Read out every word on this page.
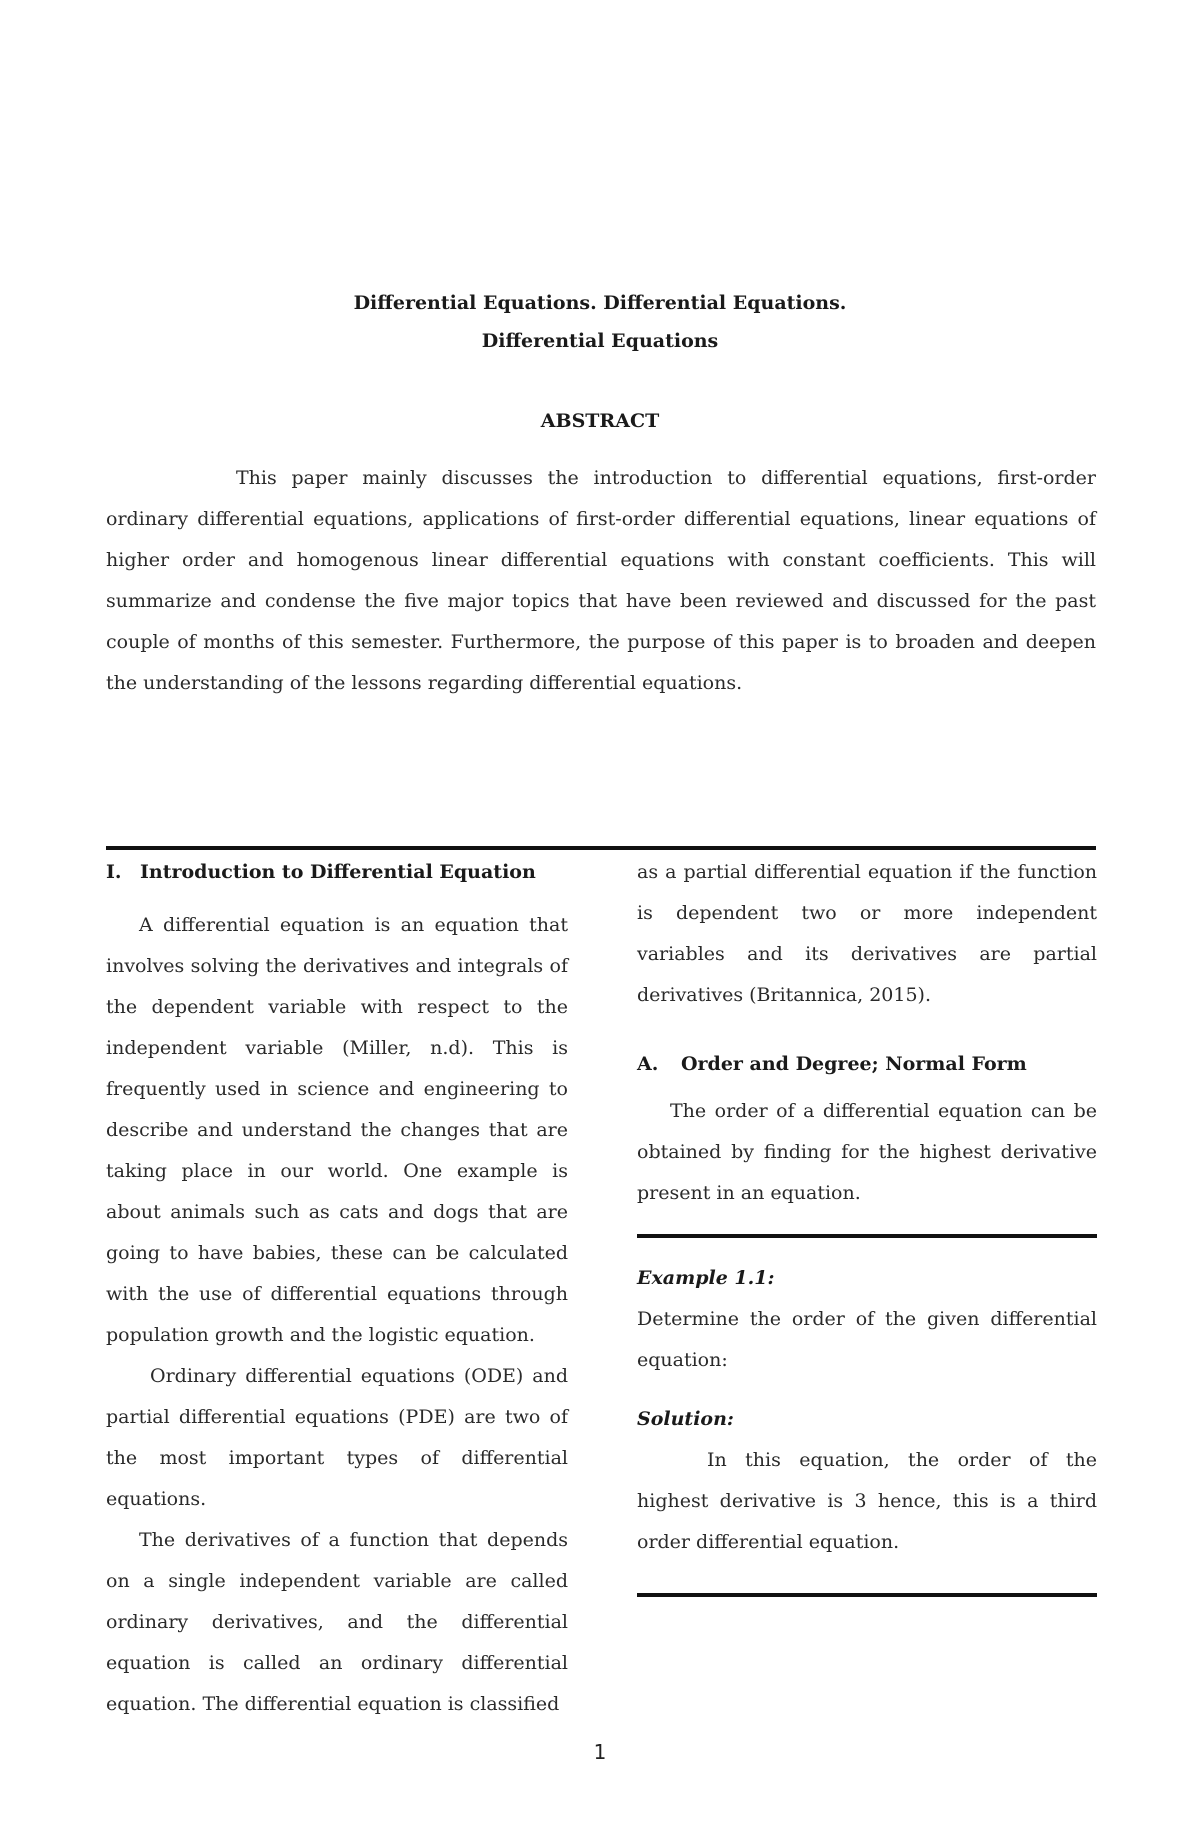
Differential Equations. Differential Equations.
Differential Equations
ABSTRACT
This paper mainly discusses the introduction to differential equations, first-order ordinary differential equations, applications of first-order differential equations, linear equations of higher order and homogenous linear differential equations with constant coefficients. This will summarize and condense the five major topics that have been reviewed and discussed for the past couple of months of this semester. Furthermore, the purpose of this paper is to broaden and deepen the understanding of the lessons regarding differential equations.

I. Introduction to Differential Equation

A differential equation is an equation that involves solving the derivatives and integrals of the dependent variable with respect to the independent variable (Miller, n.d). This is frequently used in science and engineering to describe and understand the changes that are taking place in our world. One example is about animals such as cats and dogs that are going to have babies, these can be calculated with the use of differential equations through population growth and the logistic equation.

Ordinary differential equations (ODE) and partial differential equations (PDE) are two of the most important types of differential equations.

The derivatives of a function that depends on a single independent variable are called ordinary derivatives, and the differential equation is called an ordinary differential equation. The differential equation is classified

as a partial differential equation if the function is dependent two or more independent variables and its derivatives are partial derivatives (Britannica, 2015).

A. Order and Degree; Normal Form

The order of a differential equation can be obtained by finding for the highest derivative present in an equation.

Example 1.1:

Determine the order of the given differential equation:

Solution:

In this equation, the order of the highest derivative is 3 hence, this is a third order differential equation.

1
